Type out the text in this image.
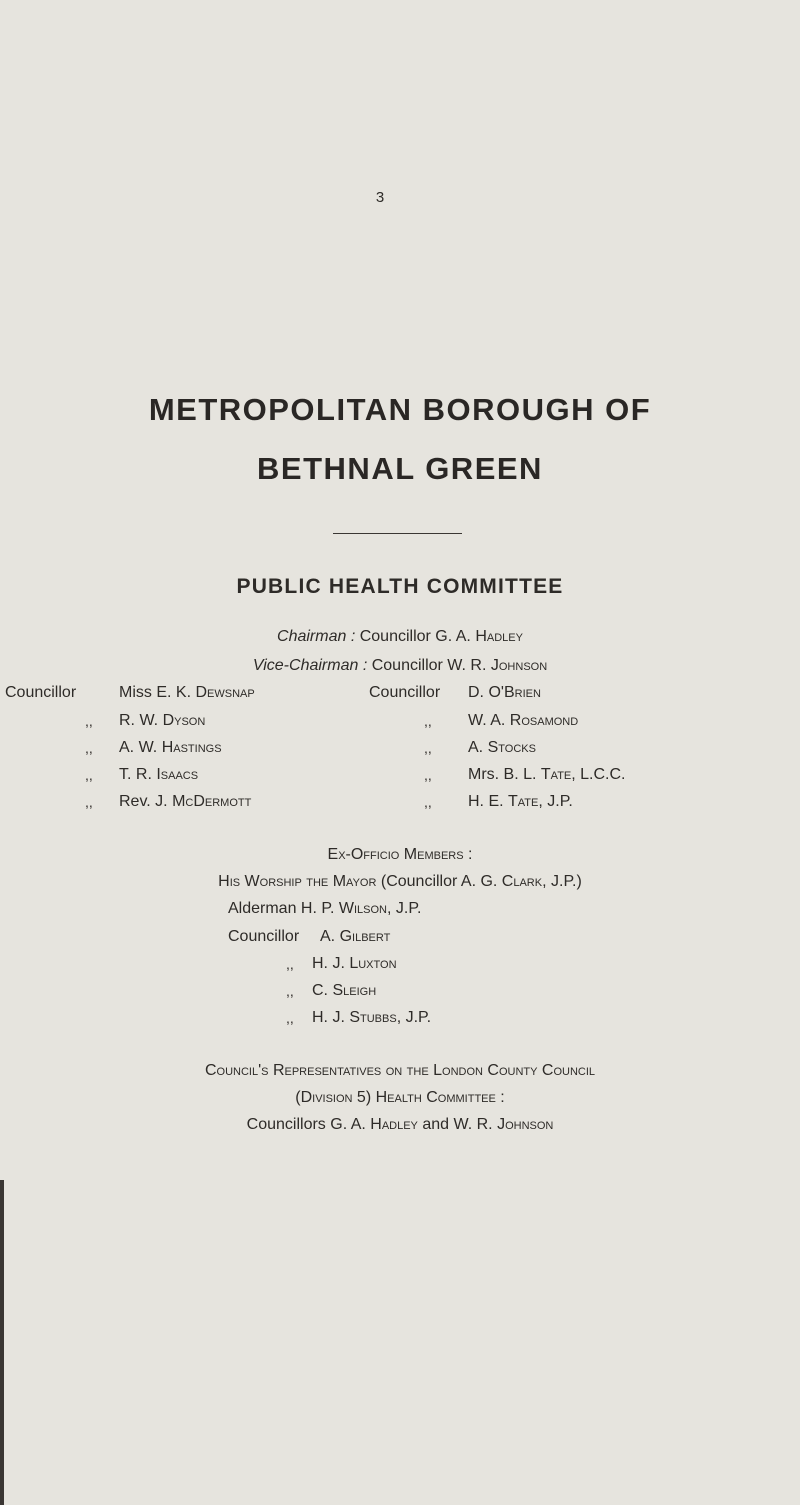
3
METROPOLITAN BOROUGH OF
BETHNAL GREEN
PUBLIC HEALTH COMMITTEE
Chairman : Councillor G. A. Hadley
Vice-Chairman : Councillor W. R. Johnson
Councillor	Miss E. K. Dewsnap
,, R. W. Dyson
,, A. W. Hastings
,, T. R. Isaacs
,, Rev. J. McDermott
Councillor D. O'Brien
,, W. A. Rosamond
,, A. Stocks
,, Mrs. B. L. Tate, L.C.C.
,, H. E. Tate, J.P.
Ex-Officio Members :
His Worship the Mayor (Councillor A. G. Clark, J.P.)
Alderman H. P. Wilson, J.P.
Councillor A. Gilbert
,, H. J. Luxton
,, C. Sleigh
,, H. J. Stubbs, J.P.
Council's Representatives on the London County Council
(Division 5) Health Committee :
Councillors G. A. Hadley and W. R. Johnson
